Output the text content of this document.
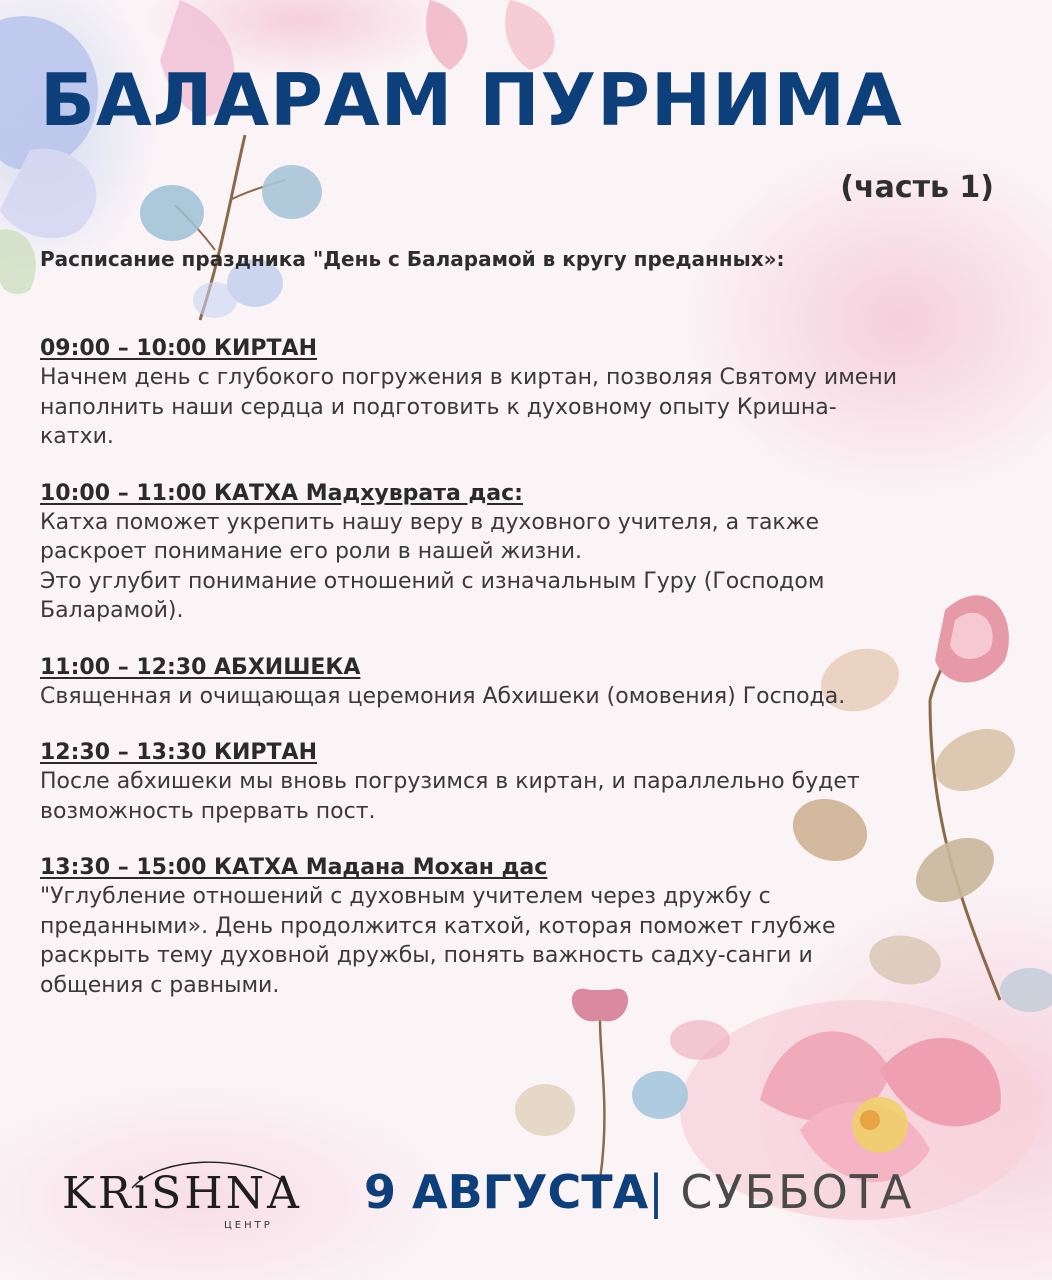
БАЛАРАМ ПУРНИМА
(часть 1)
Расписание праздника "День с Баларамой в кругу преданных»:
09:00 – 10:00 КИРТАН
Начнем день с глубокого погружения в киртан, позволяя Святому имени
наполнить наши сердца и подготовить к духовному опыту Кришна-
катхи.
10:00 – 11:00 КАТХА Мадхуврата дас:
Катха поможет укрепить нашу веру в духовного учителя, а также
раскроет понимание его роли в нашей жизни.
Это углубит понимание отношений с изначальным Гуру (Господом
Баларамой).
11:00 – 12:30 АБХИШЕКА
Священная и очищающая церемония Абхишеки (омовения) Господа.
12:30 – 13:30 КИРТАН
После абхишеки мы вновь погрузимся в киртан, и параллельно будет
возможность прервать пост.
13:30 – 15:00 КАТХА Мадана Мохан дас
"Углубление отношений с духовным учителем через дружбу с
преданными». День продолжится катхой, которая поможет глубже
раскрыть тему духовной дружбы, понять важность садху-санги и
общения с равными.
KRiSHNA
ЦЕНТР
9 АВГУСТА| СУББОТА
